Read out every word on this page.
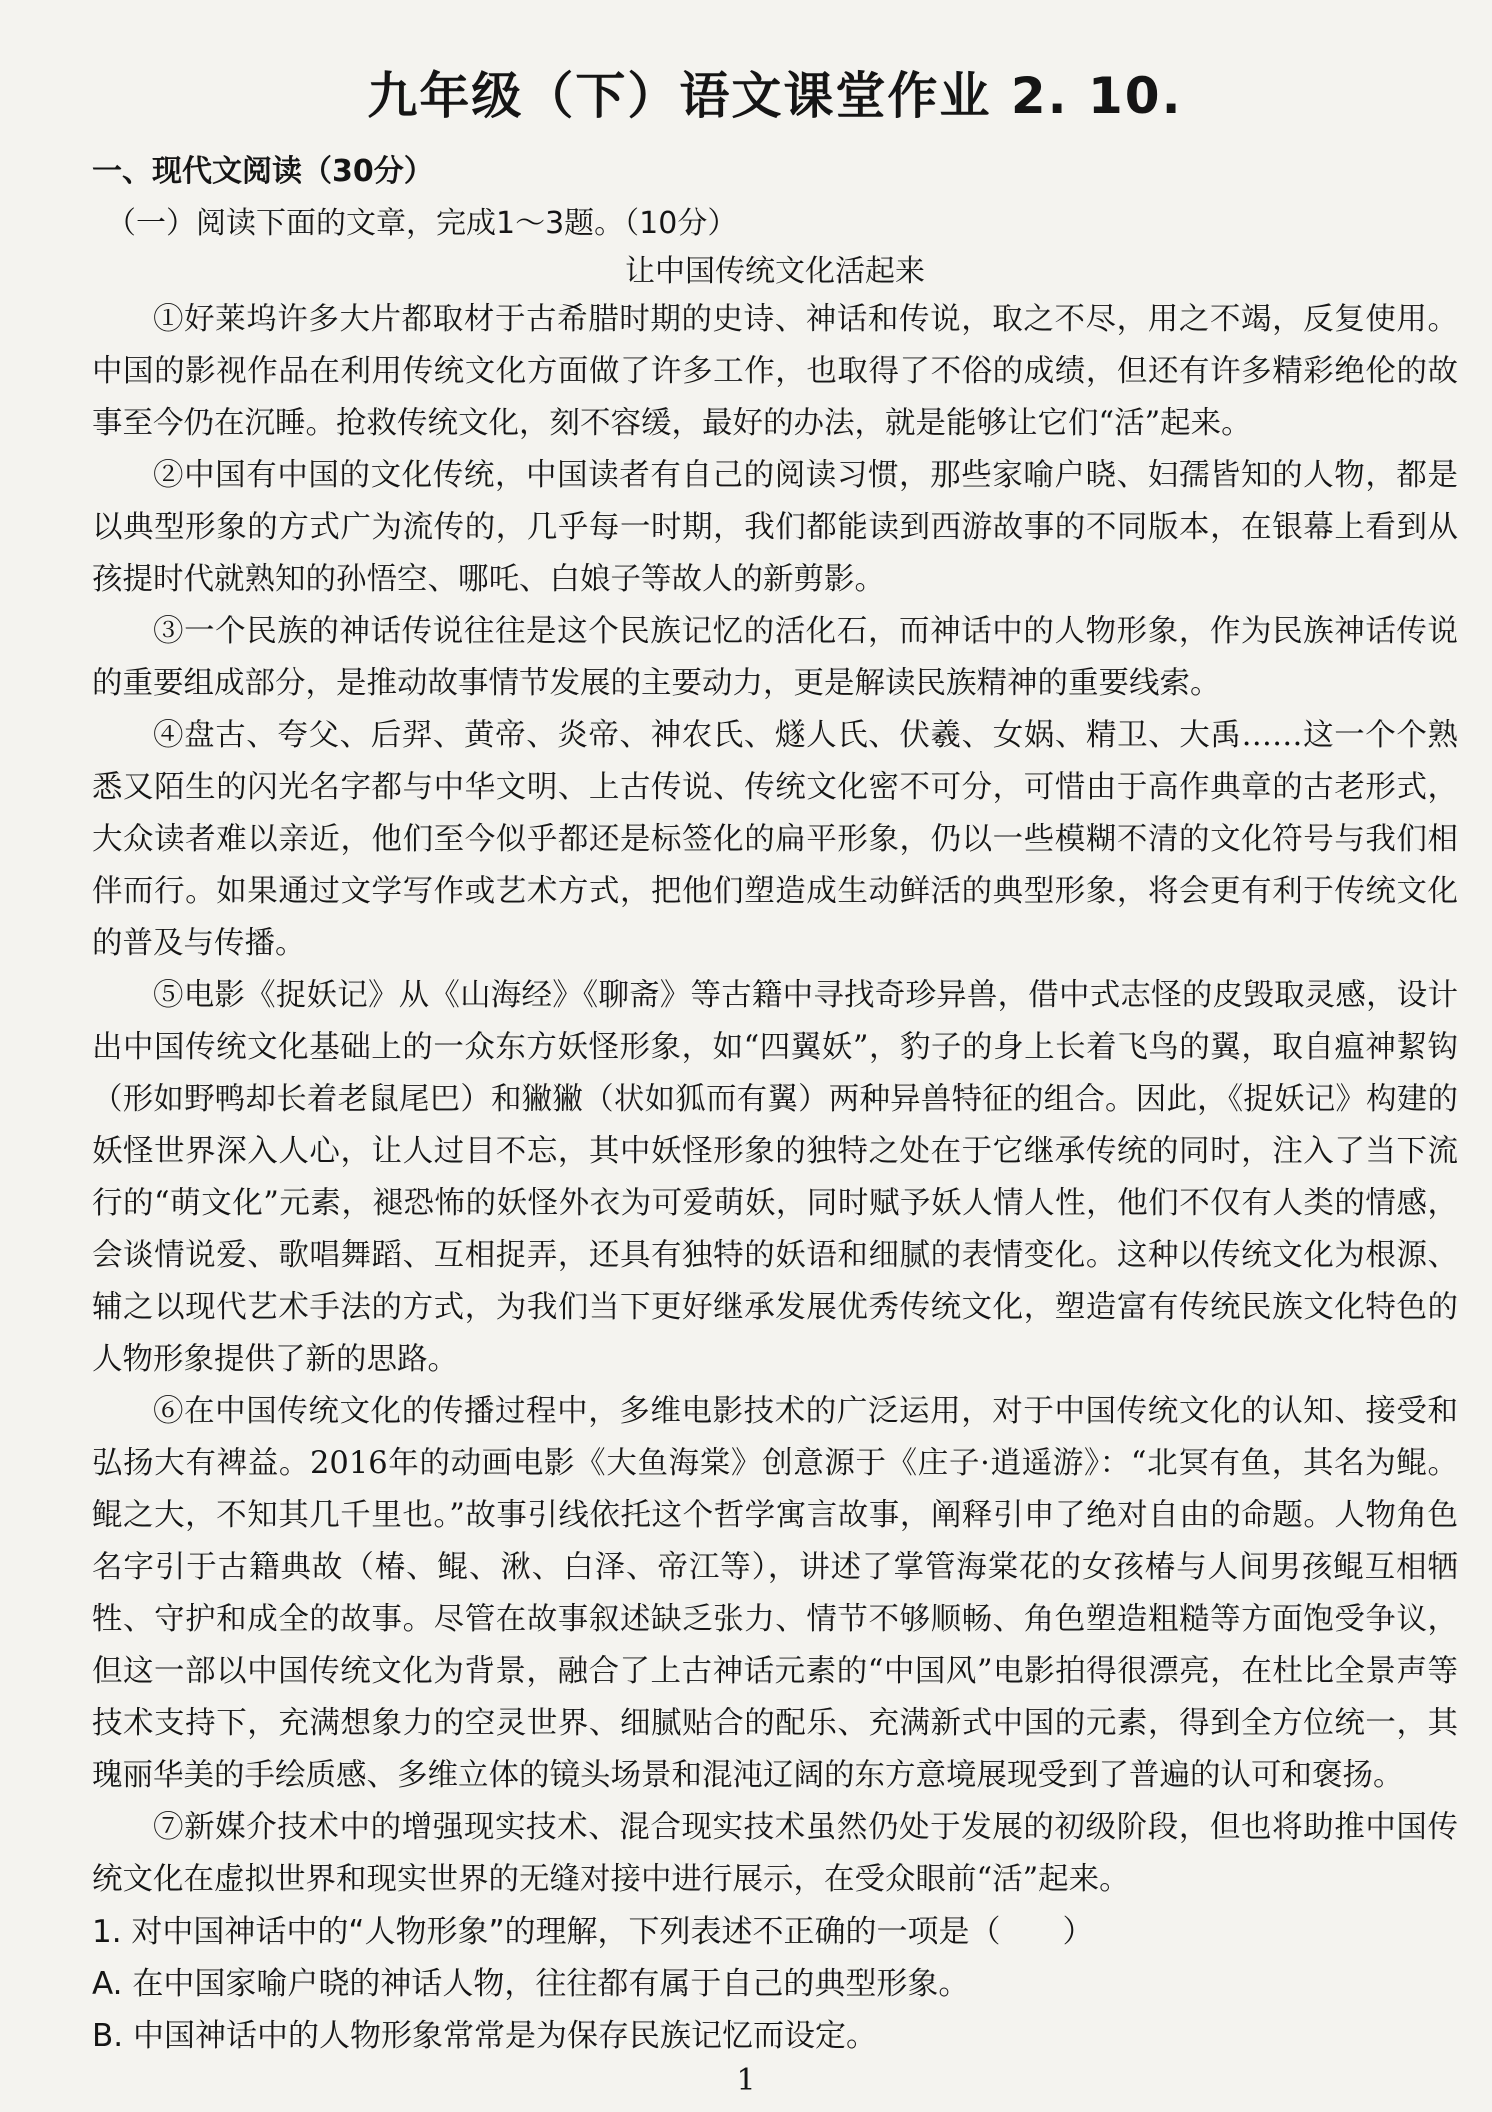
九年级（下）语文课堂作业 2. 10.
一、现代文阅读（30分）
（一）阅读下面的文章，完成1～3题。（10分）
让中国传统文化活起来

①好莱坞许多大片都取材于古希腊时期的史诗、神话和传说，取之不尽，用之不竭，反复使用。中国的影视作品在利用传统文化方面做了许多工作，也取得了不俗的成绩，但还有许多精彩绝伦的故事至今仍在沉睡。抢救传统文化，刻不容缓，最好的办法，就是能够让它们“活”起来。

②中国有中国的文化传统，中国读者有自己的阅读习惯，那些家喻户晓、妇孺皆知的人物，都是以典型形象的方式广为流传的，几乎每一时期，我们都能读到西游故事的不同版本，在银幕上看到从孩提时代就熟知的孙悟空、哪吒、白娘子等故人的新剪影。

③一个民族的神话传说往往是这个民族记忆的活化石，而神话中的人物形象，作为民族神话传说的重要组成部分，是推动故事情节发展的主要动力，更是解读民族精神的重要线索。

④盘古、夸父、后羿、黄帝、炎帝、神农氏、燧人氏、伏羲、女娲、精卫、大禹……这一个个熟悉又陌生的闪光名字都与中华文明、上古传说、传统文化密不可分，可惜由于高作典章的古老形式，大众读者难以亲近，他们至今似乎都还是标签化的扁平形象，仍以一些模糊不清的文化符号与我们相伴而行。如果通过文学写作或艺术方式，把他们塑造成生动鲜活的典型形象，将会更有利于传统文化的普及与传播。

⑤电影《捉妖记》从《山海经》《聊斋》等古籍中寻找奇珍异兽，借中式志怪的皮毁取灵感，设计出中国传统文化基础上的一众东方妖怪形象，如“四翼妖”，豹子的身上长着飞鸟的翼，取自瘟神絜钩（形如野鸭却长着老鼠尾巴）和獙獙（状如狐而有翼）两种异兽特征的组合。因此，《捉妖记》构建的妖怪世界深入人心，让人过目不忘，其中妖怪形象的独特之处在于它继承传统的同时，注入了当下流行的“萌文化”元素，褪恐怖的妖怪外衣为可爱萌妖，同时赋予妖人情人性，他们不仅有人类的情感，会谈情说爱、歌唱舞蹈、互相捉弄，还具有独特的妖语和细腻的表情变化。这种以传统文化为根源、辅之以现代艺术手法的方式，为我们当下更好继承发展优秀传统文化，塑造富有传统民族文化特色的人物形象提供了新的思路。

⑥在中国传统文化的传播过程中，多维电影技术的广泛运用，对于中国传统文化的认知、接受和弘扬大有裨益。2016年的动画电影《大鱼海棠》创意源于《庄子·逍遥游》：“北冥有鱼，其名为鲲。鲲之大，不知其几千里也。”故事引线依托这个哲学寓言故事，阐释引申了绝对自由的命题。人物角色名字引于古籍典故（椿、鲲、湫、白泽、帝江等），讲述了掌管海棠花的女孩椿与人间男孩鲲互相牺牲、守护和成全的故事。尽管在故事叙述缺乏张力、情节不够顺畅、角色塑造粗糙等方面饱受争议，但这一部以中国传统文化为背景，融合了上古神话元素的“中国风”电影拍得很漂亮，在杜比全景声等技术支持下，充满想象力的空灵世界、细腻贴合的配乐、充满新式中国的元素，得到全方位统一，其瑰丽华美的手绘质感、多维立体的镜头场景和混沌辽阔的东方意境展现受到了普遍的认可和褒扬。

⑦新媒介技术中的增强现实技术、混合现实技术虽然仍处于发展的初级阶段，但也将助推中国传统文化在虚拟世界和现实世界的无缝对接中进行展示，在受众眼前“活”起来。

1. 对中国神话中的“人物形象”的理解，下列表述不正确的一项是（　　）
A. 在中国家喻户晓的神话人物，往往都有属于自己的典型形象。
B. 中国神话中的人物形象常常是为保存民族记忆而设定。
1
